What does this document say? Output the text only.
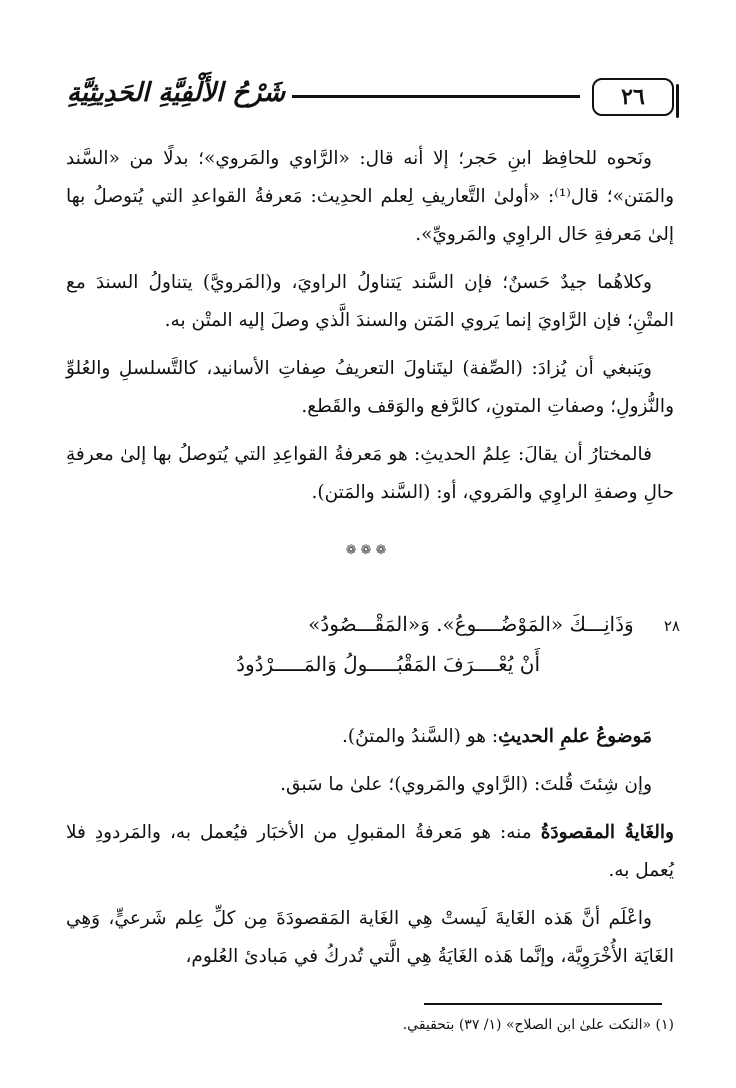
شَرْحُ الأَلْفِيَّةِ الحَدِيثِيَّةِ	٢٦

ونَحوه للحافِظ ابنِ حَجر؛ إلا أنه قال: «الرَّاوي والمَروي»؛ بدلًا من «السَّند والمَتن»؛ قال⁽¹⁾: «أولىٰ التَّعاريفِ لِعلم الحدِيث: مَعرفةُ القواعدِ التي يُتوصلُ بها إلىٰ مَعرفةِ حَال الراوِي والمَرويِّ».

وكلاهُما جيدٌ حَسنٌ؛ فإن السَّند يَتناولُ الراويَ، و(المَرويَّ) يتناولُ السندَ مع المتْنِ؛ فإن الرَّاويَ إنما يَروي المَتن والسندَ الَّذي وصلَ إليه المتْن به.

ويَنبغي أن يُزادَ: (الصِّفة) ليتَناولَ التعريفُ صِفاتِ الأسانيد، كالتَّسلسلِ والعُلوِّ والنُّزولِ؛ وصفاتِ المتونِ، كالرَّفع والوَقف والقَطع.

فالمختارُ أن يقالَ: عِلمُ الحديثِ: هو مَعرفةُ القواعِدِ التي يُتوصلُ بها إلىٰ معرفةِ حالِ وصفةِ الراوِي والمَروي، أو: (السَّند والمَتن).

❁❁❁
٢٨ وَذَانِـــكَ «المَوْضُــــوعُ». وَ«المَقْـــصُودُ»
أَنْ يُعْــــرَفَ المَقْبُـــــولُ وَالمَـــــرْدُودُ

مَوضوعُ علمِ الحديثِ: هو (السَّندُ والمتنُ).

وإن شِئتَ قُلتَ: (الرَّاوي والمَروي)؛ علىٰ ما سَبق.

والغَايةُ المقصودَةُ منه: هو مَعرفةُ المقبولِ من الأخبَار فيُعمل به، والمَردودِ فلا يُعمل به.

واعْلَم أنَّ هَذه الغَايةَ لَيستْ هِي الغَاية المَقصودَةَ مِن كلِّ عِلم شَرعيٍّ، وَهِي الغَايَة الأُخْرَوِيَّة، وإنَّما هَذه الغَايَةُ هِي الَّتي تُدركُ في مَبادئ العُلوم،

(١) «النكت علىٰ ابن الصلاح» (١/ ٣٧) بتحقيقي.
